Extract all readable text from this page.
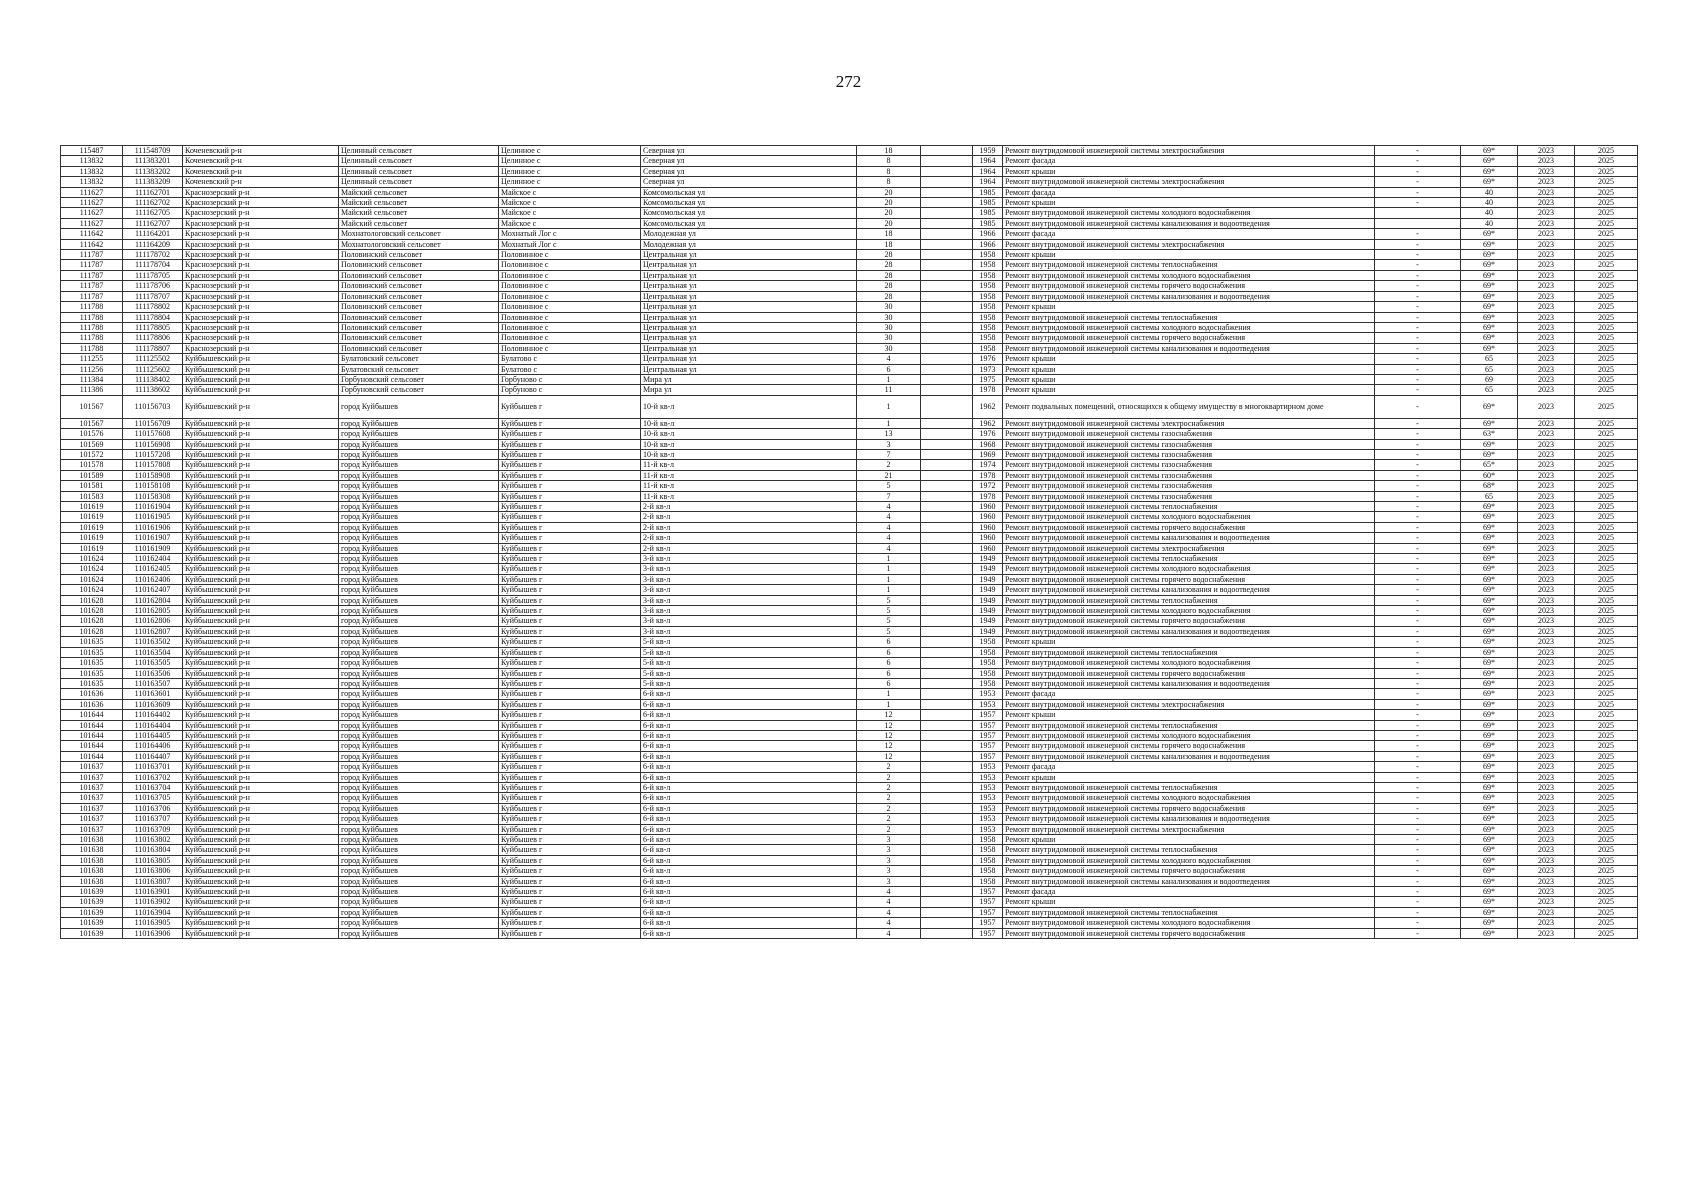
272
115487	111548709	Коченевский р-н	Целинный сельсовет	Целинное с	Северная ул	18		1959	Ремонт внутридомовой инженерной системы электроснабжения	-	69*	2023	2025
113832	111383201	Коченевский р-н	Целинный сельсовет	Целинное с	Северная ул	8		1964	Ремонт фасада	-	69*	2023	2025
113832	111383202	Коченевский р-н	Целинный сельсовет	Целинное с	Северная ул	8		1964	Ремонт крыши	-	69*	2023	2025
113832	111383209	Коченевский р-н	Целинный сельсовет	Целинное с	Северная ул	8		1964	Ремонт внутридомовой инженерной системы электроснабжения	-	69*	2023	2025
111627	111162701	Краснозерский р-н	Майский сельсовет	Майское с	Комсомольская ул	20		1985	Ремонт фасада	-	40	2023	2025
111627	111162702	Краснозерский р-н	Майский сельсовет	Майское с	Комсомольская ул	20		1985	Ремонт крыши	-	40	2023	2025
111627	111162705	Краснозерский р-н	Майский сельсовет	Майское с	Комсомольская ул	20		1985	Ремонт внутридомовой инженерной системы холодного водоснабжения		40	2023	2025
111627	111162707	Краснозерский р-н	Майский сельсовет	Майское с	Комсомольская ул	20		1985	Ремонт внутридомовой инженерной системы канализования и водоотведения		40	2023	2025
111642	111164201	Краснозерский р-н	Мохнатологовский сельсовет	Мохнатый Лог с	Молодежная ул	18		1966	Ремонт фасада	-	69*	2023	2025
111642	111164209	Краснозерский р-н	Мохнатологовский сельсовет	Мохнатый Лог с	Молодежная ул	18		1966	Ремонт внутридомовой инженерной системы электроснабжения	-	69*	2023	2025
111787	111178702	Краснозерский р-н	Половинский сельсовет	Половинное с	Центральная ул	28		1958	Ремонт крыши	-	69*	2023	2025
111787	111178704	Краснозерский р-н	Половинский сельсовет	Половинное с	Центральная ул	28		1958	Ремонт внутридомовой инженерной системы теплоснабжения	-	69*	2023	2025
111787	111178705	Краснозерский р-н	Половинский сельсовет	Половинное с	Центральная ул	28		1958	Ремонт внутридомовой инженерной системы холодного водоснабжения	-	69*	2023	2025
111787	111178706	Краснозерский р-н	Половинский сельсовет	Половинное с	Центральная ул	28		1958	Ремонт внутридомовой инженерной системы горячего водоснабжения	-	69*	2023	2025
111787	111178707	Краснозерский р-н	Половинский сельсовет	Половинное с	Центральная ул	28		1958	Ремонт внутридомовой инженерной системы канализования и водоотведения	-	69*	2023	2025
111788	111178802	Краснозерский р-н	Половинский сельсовет	Половинное с	Центральная ул	30		1958	Ремонт крыши	-	69*	2023	2025
111788	111178804	Краснозерский р-н	Половинский сельсовет	Половинное с	Центральная ул	30		1958	Ремонт внутридомовой инженерной системы теплоснабжения	-	69*	2023	2025
111788	111178805	Краснозерский р-н	Половинский сельсовет	Половинное с	Центральная ул	30		1958	Ремонт внутридомовой инженерной системы холодного водоснабжения	-	69*	2023	2025
111788	111178806	Краснозерский р-н	Половинский сельсовет	Половинное с	Центральная ул	30		1958	Ремонт внутридомовой инженерной системы горячего водоснабжения	-	69*	2023	2025
111788	111178807	Краснозерский р-н	Половинский сельсовет	Половинное с	Центральная ул	30		1958	Ремонт внутридомовой инженерной системы канализования и водоотведения	-	69*	2023	2025
111255	111125502	Куйбышевский р-н	Булатовский сельсовет	Булатово с	Центральная ул	4		1976	Ремонт крыши	-	65	2023	2025
111256	111125602	Куйбышевский р-н	Булатовский сельсовет	Булатово с	Центральная ул	6		1973	Ремонт крыши	-	65	2023	2025
111384	111138402	Куйбышевский р-н	Горбуновский сельсовет	Горбуново с	Мира ул	1		1975	Ремонт крыши	-	69	2023	2025
111386	111138602	Куйбышевский р-н	Горбуновский сельсовет	Горбуново с	Мира ул	11		1978	Ремонт крыши	-	65	2023	2025
101567	110156703	Куйбышевский р-н	город Куйбышев	Куйбышев г	10-й кв-л	1		1962	Ремонт подвальных помещений, относящихся к общему имуществу в многоквартирном доме	-	69*	2023	2025
101567	110156709	Куйбышевский р-н	город Куйбышев	Куйбышев г	10-й кв-л	1		1962	Ремонт внутридомовой инженерной системы электроснабжения	-	69*	2023	2025
101576	110157608	Куйбышевский р-н	город Куйбышев	Куйбышев г	10-й кв-л	13		1976	Ремонт внутридомовой инженерной системы газоснабжения	-	63*	2023	2025
101569	110156908	Куйбышевский р-н	город Куйбышев	Куйбышев г	10-й кв-л	3		1968	Ремонт внутридомовой инженерной системы газоснабжения	-	69*	2023	2025
101572	110157208	Куйбышевский р-н	город Куйбышев	Куйбышев г	10-й кв-л	7		1969	Ремонт внутридомовой инженерной системы газоснабжения	-	69*	2023	2025
101578	110157808	Куйбышевский р-н	город Куйбышев	Куйбышев г	11-й кв-л	2		1974	Ремонт внутридомовой инженерной системы газоснабжения	-	65*	2023	2025
101589	110158908	Куйбышевский р-н	город Куйбышев	Куйбышев г	11-й кв-л	21		1978	Ремонт внутридомовой инженерной системы газоснабжения	-	60*	2023	2025
101581	110158108	Куйбышевский р-н	город Куйбышев	Куйбышев г	11-й кв-л	5		1972	Ремонт внутридомовой инженерной системы газоснабжения	-	68*	2023	2025
101583	110158308	Куйбышевский р-н	город Куйбышев	Куйбышев г	11-й кв-л	7		1978	Ремонт внутридомовой инженерной системы газоснабжения	-	65	2023	2025
101619	110161904	Куйбышевский р-н	город Куйбышев	Куйбышев г	2-й кв-л	4		1960	Ремонт внутридомовой инженерной системы теплоснабжения	-	69*	2023	2025
101619	110161905	Куйбышевский р-н	город Куйбышев	Куйбышев г	2-й кв-л	4		1960	Ремонт внутридомовой инженерной системы холодного водоснабжения	-	69*	2023	2025
101619	110161906	Куйбышевский р-н	город Куйбышев	Куйбышев г	2-й кв-л	4		1960	Ремонт внутридомовой инженерной системы горячего водоснабжения	-	69*	2023	2025
101619	110161907	Куйбышевский р-н	город Куйбышев	Куйбышев г	2-й кв-л	4		1960	Ремонт внутридомовой инженерной системы канализования и водоотведения	-	69*	2023	2025
101619	110161909	Куйбышевский р-н	город Куйбышев	Куйбышев г	2-й кв-л	4		1960	Ремонт внутридомовой инженерной системы электроснабжения	-	69*	2023	2025
101624	110162404	Куйбышевский р-н	город Куйбышев	Куйбышев г	3-й кв-л	1		1949	Ремонт внутридомовой инженерной системы теплоснабжения	-	69*	2023	2025
101624	110162405	Куйбышевский р-н	город Куйбышев	Куйбышев г	3-й кв-л	1		1949	Ремонт внутридомовой инженерной системы холодного водоснабжения	-	69*	2023	2025
101624	110162406	Куйбышевский р-н	город Куйбышев	Куйбышев г	3-й кв-л	1		1949	Ремонт внутридомовой инженерной системы горячего водоснабжения	-	69*	2023	2025
101624	110162407	Куйбышевский р-н	город Куйбышев	Куйбышев г	3-й кв-л	1		1949	Ремонт внутридомовой инженерной системы канализования и водоотведения	-	69*	2023	2025
101628	110162804	Куйбышевский р-н	город Куйбышев	Куйбышев г	3-й кв-л	5		1949	Ремонт внутридомовой инженерной системы теплоснабжения	-	69*	2023	2025
101628	110162805	Куйбышевский р-н	город Куйбышев	Куйбышев г	3-й кв-л	5		1949	Ремонт внутридомовой инженерной системы холодного водоснабжения	-	69*	2023	2025
101628	110162806	Куйбышевский р-н	город Куйбышев	Куйбышев г	3-й кв-л	5		1949	Ремонт внутридомовой инженерной системы горячего водоснабжения	-	69*	2023	2025
101628	110162807	Куйбышевский р-н	город Куйбышев	Куйбышев г	3-й кв-л	5		1949	Ремонт внутридомовой инженерной системы канализования и водоотведения	-	69*	2023	2025
101635	110163502	Куйбышевский р-н	город Куйбышев	Куйбышев г	5-й кв-л	6		1958	Ремонт крыши	-	69*	2023	2025
101635	110163504	Куйбышевский р-н	город Куйбышев	Куйбышев г	5-й кв-л	6		1958	Ремонт внутридомовой инженерной системы теплоснабжения	-	69*	2023	2025
101635	110163505	Куйбышевский р-н	город Куйбышев	Куйбышев г	5-й кв-л	6		1958	Ремонт внутридомовой инженерной системы холодного водоснабжения	-	69*	2023	2025
101635	110163506	Куйбышевский р-н	город Куйбышев	Куйбышев г	5-й кв-л	6		1958	Ремонт внутридомовой инженерной системы горячего водоснабжения	-	69*	2023	2025
101635	110163507	Куйбышевский р-н	город Куйбышев	Куйбышев г	5-й кв-л	6		1958	Ремонт внутридомовой инженерной системы канализования и водоотведения	-	69*	2023	2025
101636	110163601	Куйбышевский р-н	город Куйбышев	Куйбышев г	6-й кв-л	1		1953	Ремонт фасада	-	69*	2023	2025
101636	110163609	Куйбышевский р-н	город Куйбышев	Куйбышев г	6-й кв-л	1		1953	Ремонт внутридомовой инженерной системы электроснабжения	-	69*	2023	2025
101644	110164402	Куйбышевский р-н	город Куйбышев	Куйбышев г	6-й кв-л	12		1957	Ремонт крыши	-	69*	2023	2025
101644	110164404	Куйбышевский р-н	город Куйбышев	Куйбышев г	6-й кв-л	12		1957	Ремонт внутридомовой инженерной системы теплоснабжения	-	69*	2023	2025
101644	110164405	Куйбышевский р-н	город Куйбышев	Куйбышев г	6-й кв-л	12		1957	Ремонт внутридомовой инженерной системы холодного водоснабжения	-	69*	2023	2025
101644	110164406	Куйбышевский р-н	город Куйбышев	Куйбышев г	6-й кв-л	12		1957	Ремонт внутридомовой инженерной системы горячего водоснабжения	-	69*	2023	2025
101644	110164407	Куйбышевский р-н	город Куйбышев	Куйбышев г	6-й кв-л	12		1957	Ремонт внутридомовой инженерной системы канализования и водоотведения	-	69*	2023	2025
101637	110163701	Куйбышевский р-н	город Куйбышев	Куйбышев г	6-й кв-л	2		1953	Ремонт фасада	-	69*	2023	2025
101637	110163702	Куйбышевский р-н	город Куйбышев	Куйбышев г	6-й кв-л	2		1953	Ремонт крыши	-	69*	2023	2025
101637	110163704	Куйбышевский р-н	город Куйбышев	Куйбышев г	6-й кв-л	2		1953	Ремонт внутридомовой инженерной системы теплоснабжения	-	69*	2023	2025
101637	110163705	Куйбышевский р-н	город Куйбышев	Куйбышев г	6-й кв-л	2		1953	Ремонт внутридомовой инженерной системы холодного водоснабжения	-	69*	2023	2025
101637	110163706	Куйбышевский р-н	город Куйбышев	Куйбышев г	6-й кв-л	2		1953	Ремонт внутридомовой инженерной системы горячего водоснабжения	-	69*	2023	2025
101637	110163707	Куйбышевский р-н	город Куйбышев	Куйбышев г	6-й кв-л	2		1953	Ремонт внутридомовой инженерной системы канализования и водоотведения	-	69*	2023	2025
101637	110163709	Куйбышевский р-н	город Куйбышев	Куйбышев г	6-й кв-л	2		1953	Ремонт внутридомовой инженерной системы электроснабжения	-	69*	2023	2025
101638	110163802	Куйбышевский р-н	город Куйбышев	Куйбышев г	6-й кв-л	3		1958	Ремонт крыши	-	69*	2023	2025
101638	110163804	Куйбышевский р-н	город Куйбышев	Куйбышев г	6-й кв-л	3		1958	Ремонт внутридомовой инженерной системы теплоснабжения	-	69*	2023	2025
101638	110163805	Куйбышевский р-н	город Куйбышев	Куйбышев г	6-й кв-л	3		1958	Ремонт внутридомовой инженерной системы холодного водоснабжения	-	69*	2023	2025
101638	110163806	Куйбышевский р-н	город Куйбышев	Куйбышев г	6-й кв-л	3		1958	Ремонт внутридомовой инженерной системы горячего водоснабжения	-	69*	2023	2025
101638	110163807	Куйбышевский р-н	город Куйбышев	Куйбышев г	6-й кв-л	3		1958	Ремонт внутридомовой инженерной системы канализования и водоотведения	-	69*	2023	2025
101639	110163901	Куйбышевский р-н	город Куйбышев	Куйбышев г	6-й кв-л	4		1957	Ремонт фасада	-	69*	2023	2025
101639	110163902	Куйбышевский р-н	город Куйбышев	Куйбышев г	6-й кв-л	4		1957	Ремонт крыши	-	69*	2023	2025
101639	110163904	Куйбышевский р-н	город Куйбышев	Куйбышев г	6-й кв-л	4		1957	Ремонт внутридомовой инженерной системы теплоснабжения	-	69*	2023	2025
101639	110163905	Куйбышевский р-н	город Куйбышев	Куйбышев г	6-й кв-л	4		1957	Ремонт внутридомовой инженерной системы холодного водоснабжения	-	69*	2023	2025
101639	110163906	Куйбышевский р-н	город Куйбышев	Куйбышев г	6-й кв-л	4		1957	Ремонт внутридомовой инженерной системы горячего водоснабжения	-	69*	2023	2025
